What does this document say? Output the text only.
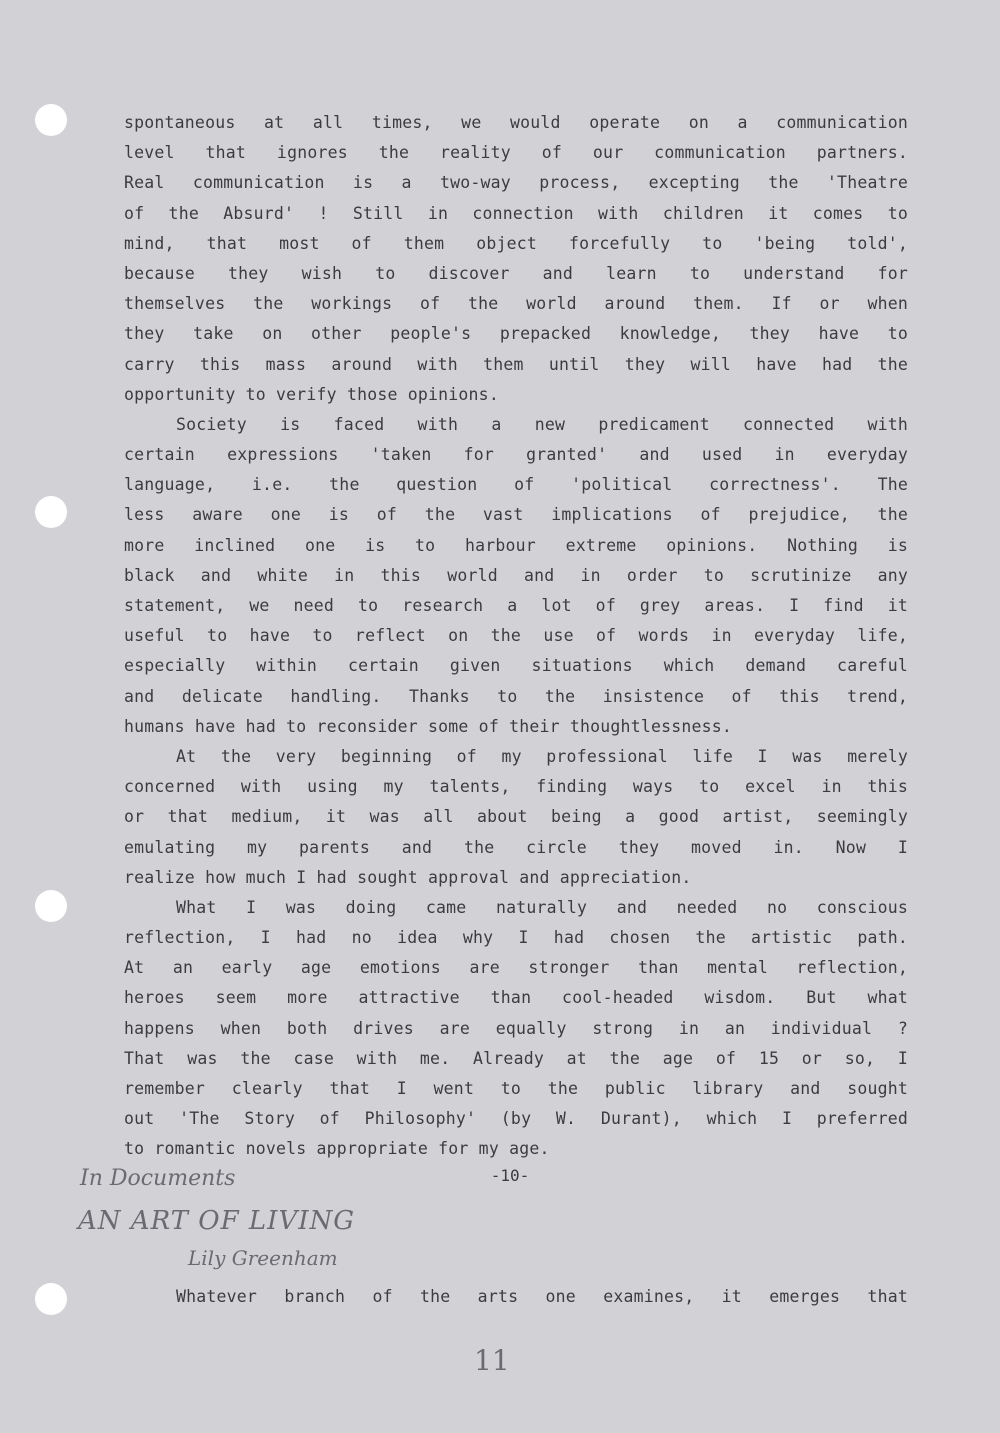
spontaneous at all times, we would operate on a communication
level that ignores the reality of our communication partners.
Real communication is a two-way process, excepting the 'Theatre
of the Absurd' ! Still in connection with children it comes to
mind, that most of them object forcefully to 'being told',
because they wish to discover and learn to understand for
themselves the workings of the world around them. If or when
they take on other people's prepacked knowledge, they have to
carry this mass around with them until they will have had the
opportunity to verify those opinions.
Society is faced with a new predicament connected with
certain expressions 'taken for granted' and used in everyday
language, i.e. the question of 'political correctness'. The
less aware one is of the vast implications of prejudice, the
more inclined one is to harbour extreme opinions. Nothing is
black and white in this world and in order to scrutinize any
statement, we need to research a lot of grey areas. I find it
useful to have to reflect on the use of words in everyday life,
especially within certain given situations which demand careful
and delicate handling. Thanks to the insistence of this trend,
humans have had to reconsider some of their thoughtlessness.
At the very beginning of my professional life I was merely
concerned with using my talents, finding ways to excel in this
or that medium, it was all about being a good artist, seemingly
emulating my parents and the circle they moved in. Now I
realize how much I had sought approval and appreciation.
What I was doing came naturally and needed no conscious
reflection, I had no idea why I had chosen the artistic path.
At an early age emotions are stronger than mental reflection,
heroes seem more attractive than cool-headed wisdom. But what
happens when both drives are equally strong in an individual ?
That was the case with me. Already at the age of 15 or so, I
remember clearly that I went to the public library and sought
out 'The Story of Philosophy' (by W. Durant), which I preferred
to romantic novels appropriate for my age.
-10-
In Documents
AN ART OF LIVING
Lily Greenham
11
Whatever branch of the arts one examines, it emerges that
